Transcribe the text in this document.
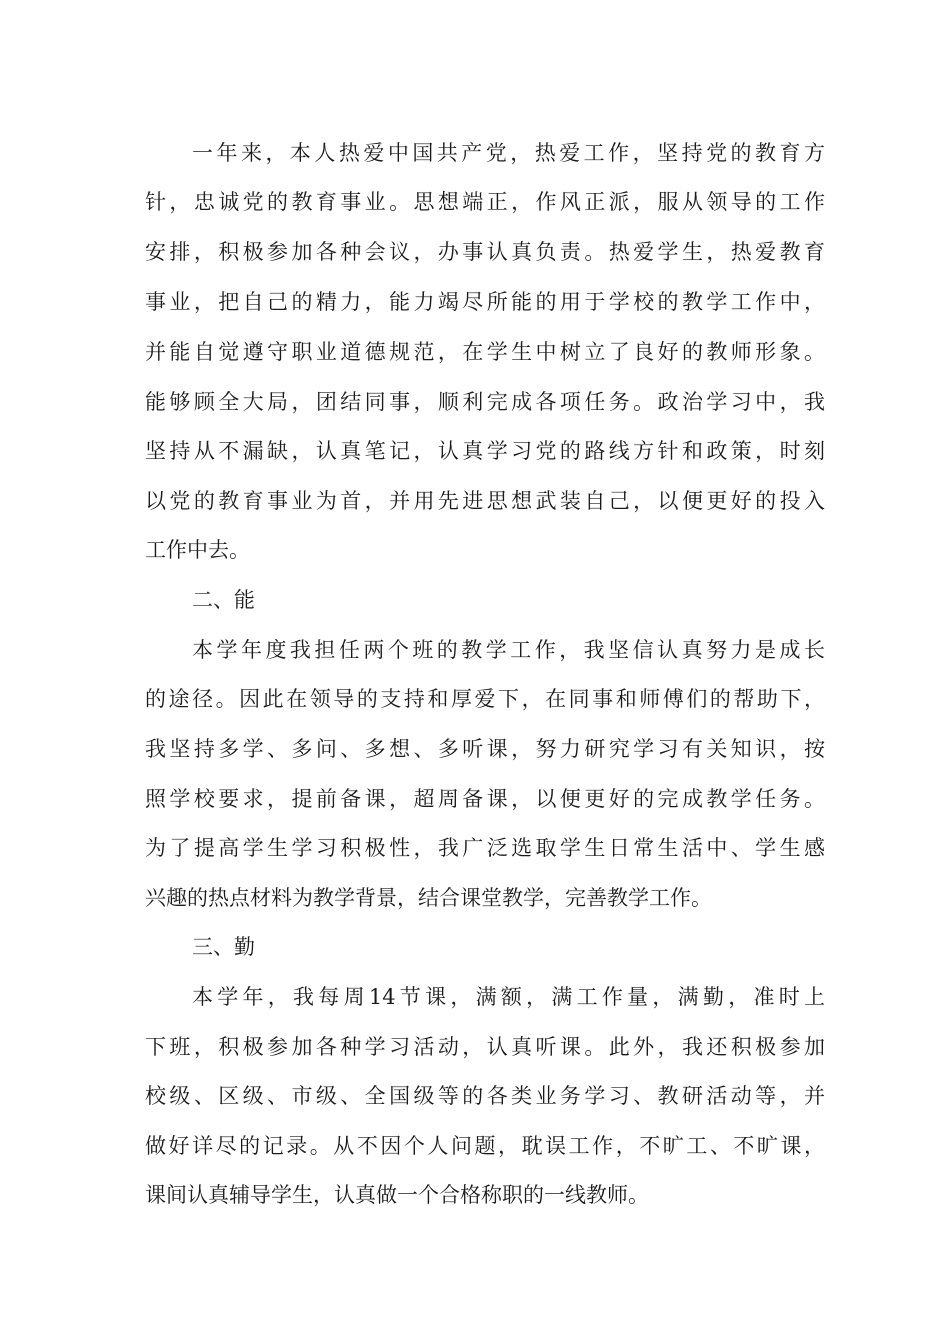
一年来，本人热爱中国共产党，热爱工作，坚持党的教育方
针，忠诚党的教育事业。思想端正，作风正派，服从领导的工作
安排，积极参加各种会议，办事认真负责。热爱学生，热爱教育
事业，把自己的精力，能力竭尽所能的用于学校的教学工作中，
并能自觉遵守职业道德规范，在学生中树立了良好的教师形象。
能够顾全大局，团结同事，顺利完成各项任务。政治学习中，我
坚持从不漏缺，认真笔记，认真学习党的路线方针和政策，时刻
以党的教育事业为首，并用先进思想武装自己，以便更好的投入
工作中去。
二、能
本学年度我担任两个班的教学工作，我坚信认真努力是成长
的途径。因此在领导的支持和厚爱下，在同事和师傅们的帮助下，
我坚持多学、多问、多想、多听课，努力研究学习有关知识，按
照学校要求，提前备课，超周备课，以便更好的完成教学任务。
为了提高学生学习积极性，我广泛选取学生日常生活中、学生感
兴趣的热点材料为教学背景，结合课堂教学，完善教学工作。
三、勤
本学年，我每周14节课，满额，满工作量，满勤，准时上
下班，积极参加各种学习活动，认真听课。此外，我还积极参加
校级、区级、市级、全国级等的各类业务学习、教研活动等，并
做好详尽的记录。从不因个人问题，耽误工作，不旷工、不旷课，
课间认真辅导学生，认真做一个合格称职的一线教师。
